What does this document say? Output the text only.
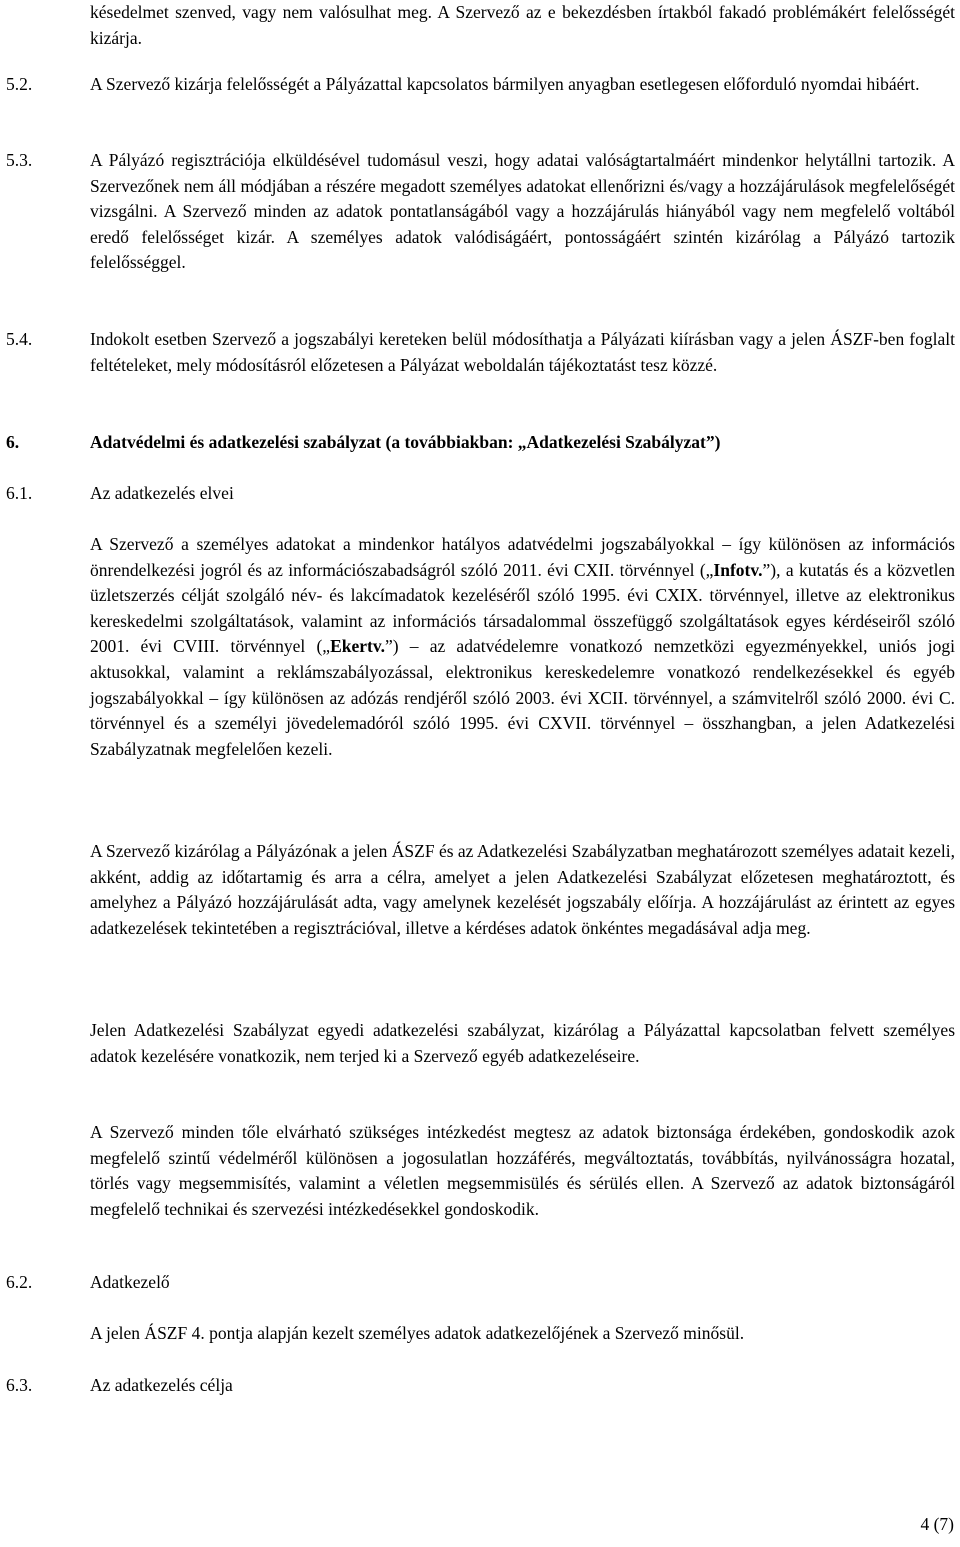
késedelmet szenved, vagy nem valósulhat meg. A Szervező az e bekezdésben írtakból fakadó problémákért felelősségét kizárja.

5.2.	A Szervező kizárja felelősségét a Pályázattal kapcsolatos bármilyen anyagban esetlegesen előforduló nyomdai hibáért.

5.3.	A Pályázó regisztrációja elküldésével tudomásul veszi, hogy adatai valóságtartalmáért mindenkor helytállni tartozik. A Szervezőnek nem áll módjában a részére megadott személyes adatokat ellenőrizni és/vagy a hozzájárulások megfelelőségét vizsgálni. A Szervező minden az adatok pontatlanságából vagy a hozzájárulás hiányából vagy nem megfelelő voltából eredő felelősséget kizár. A személyes adatok valódiságáért, pontosságáért szintén kizárólag a Pályázó tartozik felelősséggel.

5.4.	Indokolt esetben Szervező a jogszabályi kereteken belül módosíthatja a Pályázati kiírásban vagy a jelen ÁSZF-ben foglalt feltételeket, mely módosításról előzetesen a Pályázat weboldalán tájékoztatást tesz közzé.

6.	Adatvédelmi és adatkezelési szabályzat (a továbbiakban: „Adatkezelési Szabályzat”)

6.1.	Az adatkezelés elvei

A Szervező a személyes adatokat a mindenkor hatályos adatvédelmi jogszabályokkal – így különösen az információs önrendelkezési jogról és az információszabadságról szóló 2011. évi CXII. törvénnyel („Infotv.”), a kutatás és a közvetlen üzletszerzés célját szolgáló név- és lakcímadatok kezeléséről szóló 1995. évi CXIX. törvénnyel, illetve az elektronikus kereskedelmi szolgáltatások, valamint az információs társadalommal összefüggő szolgáltatások egyes kérdéseiről szóló 2001. évi CVIII. törvénnyel („Ekertv.”) – az adatvédelemre vonatkozó nemzetközi egyezményekkel, uniós jogi aktusokkal, valamint a reklámszabályozással, elektronikus kereskedelemre vonatkozó rendelkezésekkel és egyéb jogszabályokkal – így különösen az adózás rendjéről szóló 2003. évi XCII. törvénnyel, a számvitelről szóló 2000. évi C. törvénnyel és a személyi jövedelemadóról szóló 1995. évi CXVII. törvénnyel – összhangban, a jelen Adatkezelési Szabályzatnak megfelelően kezeli.

A Szervező kizárólag a Pályázónak a jelen ÁSZF és az Adatkezelési Szabályzatban meghatározott személyes adatait kezeli, akként, addig az időtartamig és arra a célra, amelyet a jelen Adatkezelési Szabályzat előzetesen meghatároztott, és amelyhez a Pályázó hozzájárulását adta, vagy amelynek kezelését jogszabály előírja. A hozzájárulást az érintett az egyes adatkezelések tekintetében a regisztrációval, illetve a kérdéses adatok önkéntes megadásával adja meg.

Jelen Adatkezelési Szabályzat egyedi adatkezelési szabályzat, kizárólag a Pályázattal kapcsolatban felvett személyes adatok kezelésére vonatkozik, nem terjed ki a Szervező egyéb adatkezeléseire.

A Szervező minden tőle elvárható szükséges intézkedést megtesz az adatok biztonsága érdekében, gondoskodik azok megfelelő szintű védelméről különösen a jogosulatlan hozzáférés, megváltoztatás, továbbítás, nyilvánosságra hozatal, törlés vagy megsemmisítés, valamint a véletlen megsemmisülés és sérülés ellen. A Szervező az adatok biztonságáról megfelelő technikai és szervezési intézkedésekkel gondoskodik.

6.2.	Adatkezelő

A jelen ÁSZF 4. pontja alapján kezelt személyes adatok adatkezelőjének a Szervező minősül.

6.3.	Az adatkezelés célja

4 (7)
